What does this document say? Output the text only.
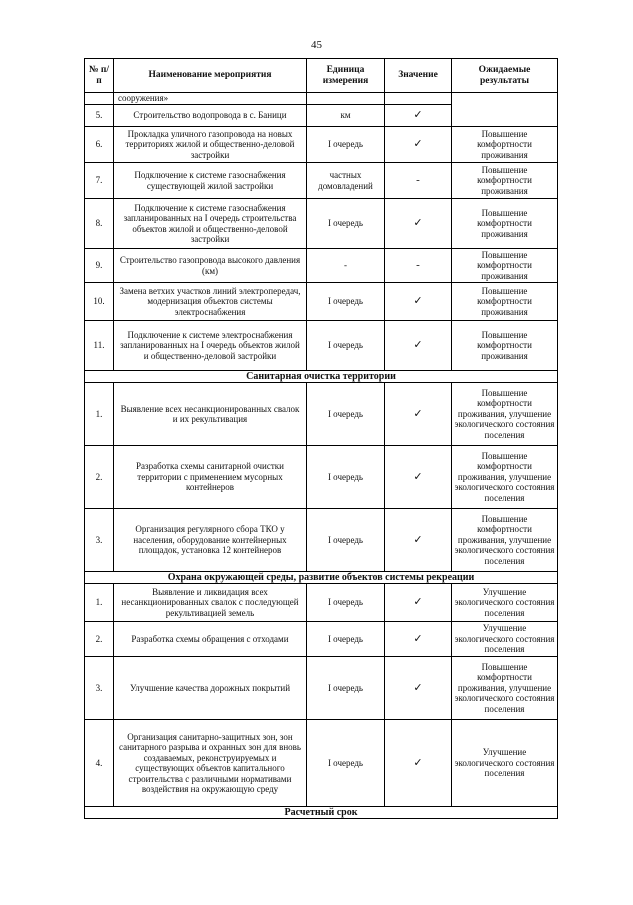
45
№ п/п	Наименование мероприятия	Единица измерения	Значение	Ожидаемые результаты
	сооружения»			
5.	Строительство водопровода в с. Баници	км	✓	
6.	Прокладка уличного газопровода на новых территориях жилой и общественно-деловой застройки	I очередь	✓	Повышение комфортности проживания
7.	Подключение к системе газоснабжения существующей жилой застройки	частных домовладений	-	Повышение комфортности проживания
8.	Подключение к системе газоснабжения запланированных на I очередь строительства объектов жилой и общественно-деловой застройки	I очередь	✓	Повышение комфортности проживания
9.	Строительство газопровода высокого давления (км)	-	-	Повышение комфортности проживания
10.	Замена ветхих участков линий электропередач, модернизация объектов системы электроснабжения	I очередь	✓	Повышение комфортности проживания
11.	Подключение к системе электроснабжения запланированных на I очередь объектов жилой и общественно-деловой застройки	I очередь	✓	Повышение комфортности проживания
Санитарная очистка территории				
1.	Выявление всех несанкционированных свалок и их рекультивация	I очередь	✓	Повышение комфортности проживания, улучшение экологического состояния поселения
2.	Разработка схемы санитарной очистки территории с применением мусорных контейнеров	I очередь	✓	Повышение комфортности проживания, улучшение экологического состояния поселения
3.	Организация регулярного сбора ТКО у населения, оборудование контейнерных площадок, установка 12 контейнеров	I очередь	✓	Повышение комфортности проживания, улучшение экологического состояния поселения
Охрана окружающей среды, развитие объектов системы рекреации				
1.	Выявление и ликвидация всех несанкционированных свалок с последующей рекультивацией земель	I очередь	✓	Улучшение экологического состояния поселения
2.	Разработка схемы обращения с отходами	I очередь	✓	Улучшение экологического состояния поселения
3.	Улучшение качества дорожных покрытий	I очередь	✓	Повышение комфортности проживания, улучшение экологического состояния поселения
4.	Организация санитарно-защитных зон, зон санитарного разрыва и охранных зон для вновь создаваемых, реконструируемых и существующих объектов капитального строительства с различными нормативами воздействия на окружающую среду	I очередь	✓	Улучшение экологического состояния поселения
Расчетный срок				
